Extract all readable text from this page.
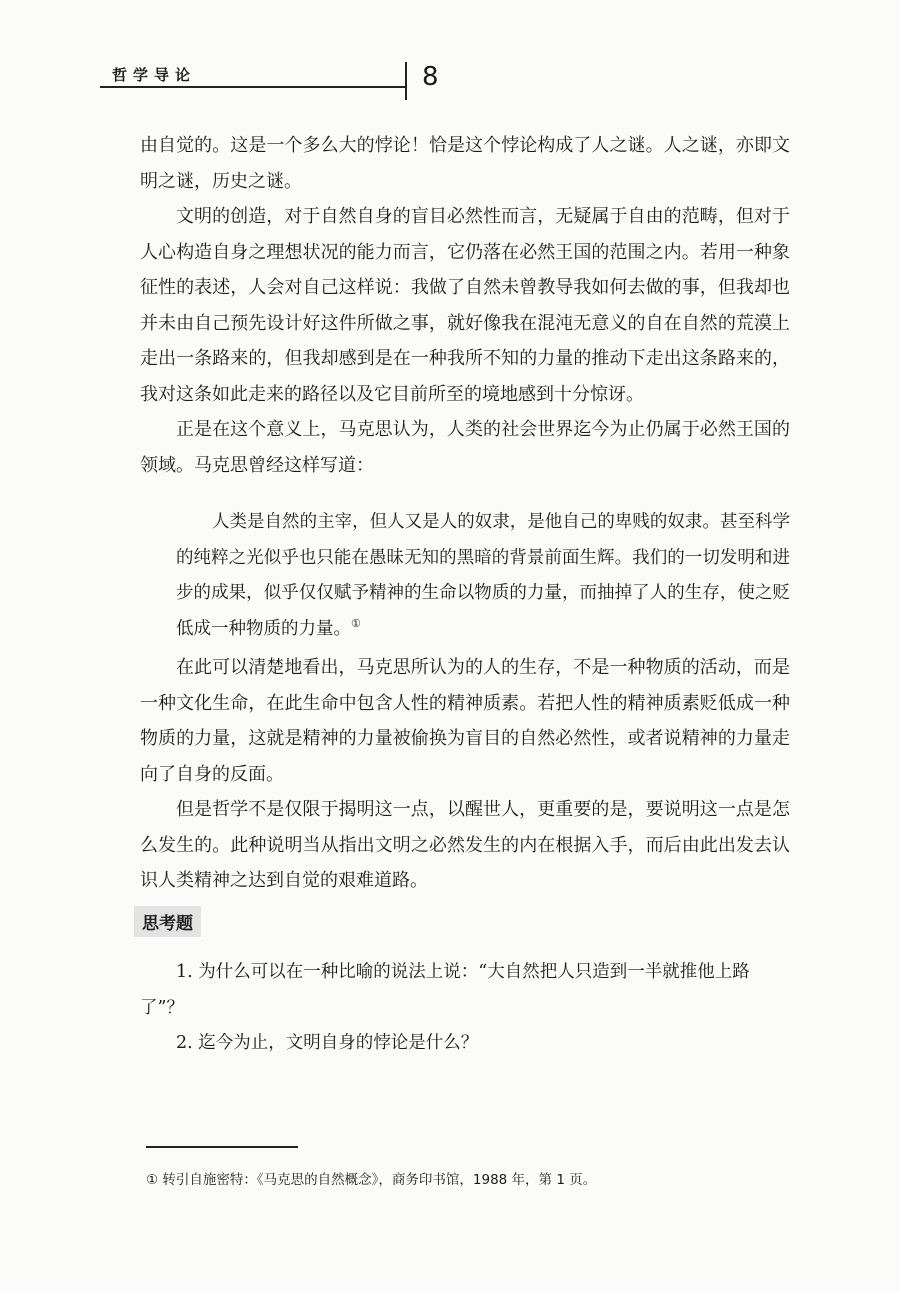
哲学导论	8

由自觉的。这是一个多么大的悖论！恰是这个悖论构成了人之谜。人之谜，亦即文明之谜，历史之谜。

文明的创造，对于自然自身的盲目必然性而言，无疑属于自由的范畴，但对于人心构造自身之理想状况的能力而言，它仍落在必然王国的范围之内。若用一种象征性的表述，人会对自己这样说：我做了自然未曾教导我如何去做的事，但我却也并未由自己预先设计好这件所做之事，就好像我在混沌无意义的自在自然的荒漠上走出一条路来的，但我却感到是在一种我所不知的力量的推动下走出这条路来的，我对这条如此走来的路径以及它目前所至的境地感到十分惊讶。

正是在这个意义上，马克思认为，人类的社会世界迄今为止仍属于必然王国的领域。马克思曾经这样写道：

人类是自然的主宰，但人又是人的奴隶，是他自己的卑贱的奴隶。甚至科学的纯粹之光似乎也只能在愚昧无知的黑暗的背景前面生辉。我们的一切发明和进步的成果，似乎仅仅赋予精神的生命以物质的力量，而抽掉了人的生存，使之贬低成一种物质的力量。①

在此可以清楚地看出，马克思所认为的人的生存，不是一种物质的活动，而是一种文化生命，在此生命中包含人性的精神质素。若把人性的精神质素贬低成一种物质的力量，这就是精神的力量被偷换为盲目的自然必然性，或者说精神的力量走向了自身的反面。

但是哲学不是仅限于揭明这一点，以醒世人，更重要的是，要说明这一点是怎么发生的。此种说明当从指出文明之必然发生的内在根据入手，而后由此出发去认识人类精神之达到自觉的艰难道路。

思考题

1. 为什么可以在一种比喻的说法上说：“大自然把人只造到一半就推他上路了”？

2. 迄今为止，文明自身的悖论是什么？

① 转引自施密特：《马克思的自然概念》，商务印书馆，1988 年，第 1 页。
